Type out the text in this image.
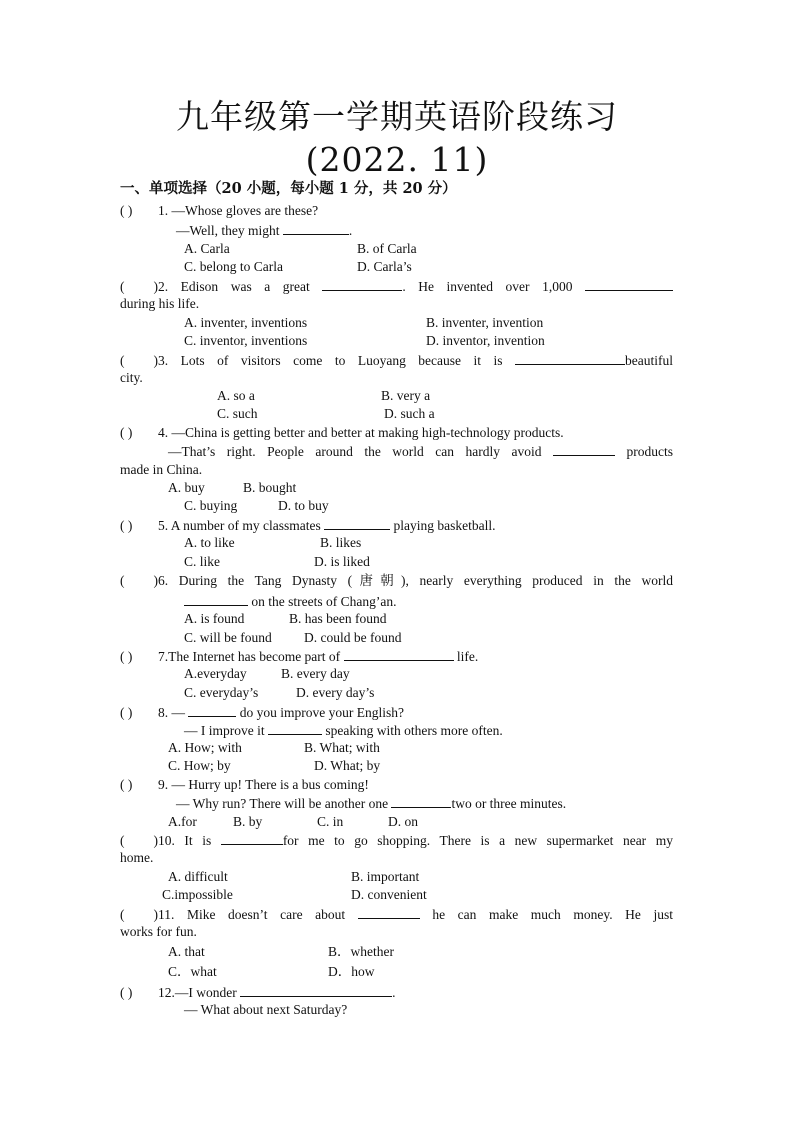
九年级第一学期英语阶段练习
(2022. 11)
一、单项选择（20 小题，每小题 1 分，共 20 分）
( ) 1. —Whose gloves are these?
—Well, they might	.
A. Carla	B. of Carla
C. belong to Carla	D. Carla’s
( )2. Edison was a great	. He invented over 1,000
during his life.
A. inventer, inventions	B. inventer, invention
C. inventor, inventions	D. inventor, invention
( )3. Lots of visitors come to Luoyang because it is	beautiful
city.
A. so a	B. very a
C. such	D. such a
( ) 4. —China is getting better and better at making high-technology products.
—That’s right. People around the world can hardly avoid	products
made in China.
A. buy	B. bought
C. buying	D. to buy
( ) 5. A number of my classmates	playing basketball.
A. to like	B. likes
C. like	D. is liked
( )6. During the Tang Dynasty (唐朝), nearly everything produced in the world
on the streets of Chang’an.
A. is found	B. has been found
C. will be found D. could be found
( ) 7.The Internet has become part of	life.
A.everyday	B. every day
C. everyday’s	D. every day’s
( ) 8. —	do you improve your English?
— I improve it	speaking with others more often.
A. How; with	B. What; with
C. How; by	D. What; by
( ) 9. — Hurry up! There is a bus coming!
— Why run? There will be another one	two or three minutes.
A.for	B. by	C. in	D. on
( )10. It is	for me to go shopping. There is a new supermarket near my
home.
A. difficult	B. important
C.impossible	D. convenient
( )11. Mike doesn’t care about	he can make much money. He just
works for fun.
A. that	B．whether
C．what	D．how
( ) 12.—I wonder	.
— What about next Saturday?
